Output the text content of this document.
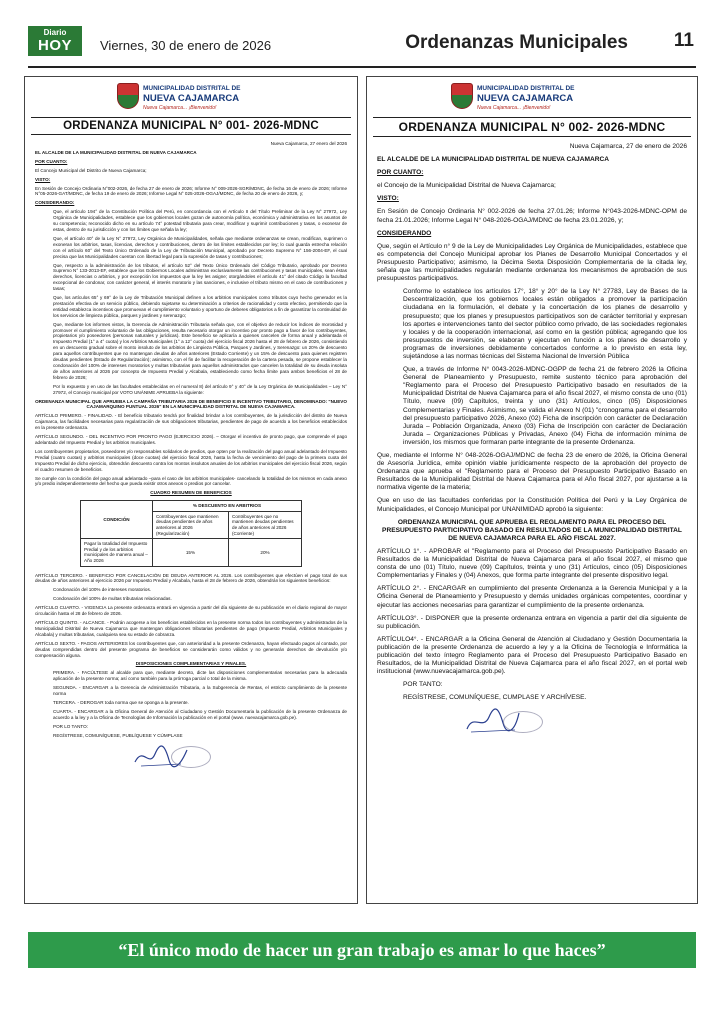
Diario
HOY	Viernes, 30 de enero de 2026	Ordenanzas Municipales 11
MUNICIPALIDAD DISTRITAL DE
NUEVA CAJAMARCA
Nueva Cajamarca... ¡Bienvenido!
ORDENANZA MUNICIPAL N° 001- 2026-MDNC

Nueva Cajamarca, 27 enero del 2026

EL ALCALDE DE LA MUNICIPALIDAD DISTRITAL DE NUEVA CAJAMARCA

POR CUANTO:

El Concejo Municipal del Distrito de Nueva Cajamarca;

VISTO:

En Sesión de Concejo Ordinaria N°002-2026, de fecha 27 de enero de 2026; Informe N° 009-2026-SGR/MDNC, de fecha 16 de enero de 2026; Informe N°05-2026-GAT/MDNC, de fecha 19 de enero de 2026; Informe Legal N° 025-2026-OGAJ/MDNC, de fecha 20 de enero de 2026, y;

CONSIDERANDO:

Que, el artículo 194° de la Constitución Política del Perú, en concordancia con el Artículo II del Título Preliminar de la Ley N° 27972, Ley Orgánica de Municipalidades, establece que los gobiernos locales gozan de autonomía política, económica y administrativa en los asuntos de su competencia; reconocido dicho en su artículo 74° potestad tributaria para crear, modificar y suprimir contribuciones y tasas, o exonerar de estas, dentro de su jurisdicción y con los límites que señala la ley;

Que, el artículo 40° de la Ley N° 27972, Ley Orgánica de Municipalidades, señala que mediante ordenanzas se crean, modifican, suprimen o exoneran los arbitrios, tasas, licencias, derechos y contribuciones, dentro de los límites establecidos por ley; lo cual guarda estrecha relación con el artículo 60° del Texto Único Ordenado de la Ley de Tributación Municipal, aprobado por Decreto Supremo N° 156-2004-EF, el cual precisa que las Municipalidades cuentan con libertad legal para la supresión de tasas y contribuciones;

Que, respecto a la administración de los tributos, el artículo 52° del Texto Único Ordenado del Código Tributario, aprobado por Decreto Supremo N° 133-2013-EF, establece que los Gobiernos Locales administran exclusivamente las contribuciones y tasas municipales, sean éstas derechos, licencias o arbitrios, y por excepción los impuestos que la ley les asigne; otorgándoles el artículo 41° del citado Código la facultad excepcional de condonar, con carácter general, el interés moratorio y las sanciones, e inclusive el tributo mismo en el caso de contribuciones y tasas;

Que, los artículos 65° y 69° de la Ley de Tributación Municipal definen a los arbitrios municipales como tributos cuyo hecho generador es la prestación efectiva de un servicio público, debiendo sujetarse su determinación a criterios de racionalidad y costo efectivo, permitiendo que la entidad establezca incentivos que promuevan el cumplimiento voluntario y oportuno de deberes obligatorios a fin de garantizar la continuidad de los servicios de limpieza pública, parques y jardines y serenazgo;

Que, mediante los informes vistos, la Gerencia de Administración Tributaria señala que, con el objetivo de reducir los índices de morosidad y promover el cumplimiento voluntario de las obligaciones, resulta necesario otorgar un incentivo por pronto pago a favor de los contribuyentes, propietarios y/o poseedores (personas naturales y jurídicas). Este beneficio se aplicaría a quienes cancelen de forma anual y adelantada el Impuesto Predial (1° a 4° cuota) y los Arbitrios Municipales (1° a 12° cuota) del ejercicio fiscal 2026 hasta el 28 de febrero de 2026, consistiendo en un descuento gradual sobre el monto insoluto de los arbitrios de Limpieza Pública, Parques y Jardines, y Serenazgo: un 20% de descuento para aquellos contribuyentes que no mantengan deudas de años anteriores (Estado Corriente) y un 15% de descuento para quienes registren deudas pendientes (Estado de Regularización); asimismo, con el fin de facilitar la recuperación de la cartera pesada, se propone establecer la condonación del 100% de intereses moratorios y multas tributarias para aquellos administrados que cancelen la totalidad de su deuda insoluta de años anteriores al 2026 por concepto de Impuesto Predial y Alcabala, estableciendo como fecha límite para ambos beneficios el 28 de febrero de 2026;

Por lo expuesto y en uso de las facultades establecidas en el numeral 8) del artículo 9° y 40° de la Ley Orgánica de Municipalidades – Ley N° 27972, el Concejo municipal por VOTO UNÁNIME APRUEBA la siguiente:

ORDENANZA MUNICIPAL QUE APRUEBA LA CAMPAÑA TRIBUTARIA 2026 DE BENEFICIO E INCENTIVO TRIBUTARIO, DENOMINADO: "NUEVO CAJAMARQUINO PUNTUAL 2026" EN LA MUNICIPALIDAD DISTRITAL DE NUEVA CAJAMARCA.

ARTÍCULO PRIMERO. - FINALIDAD. - El beneficio tributario tendrá por finalidad brindar a los contribuyentes, de la jurisdicción del distrito de Nueva Cajamarca, las facilidades necesarias para regularización de sus obligaciones tributarias, pendientes de pago de acuerdo a los beneficios establecidos en la presente ordenanza.

ARTÍCULO SEGUNDO. - DEL INCENTIVO POR PRONTO PAGO (EJERCICIO 2026). – Otorgar el incentivo de pronto pago, que comprende el pago adelantado del Impuesto Predial y los arbitrios municipales.

Los contribuyentes propietarios, poseedores y/o responsables solidarios de predios, que opten por la realización del pago anual adelantado del Impuesto Predial (cuatro cuotas) y arbitrios municipales (doce cuotas) del ejercicio fiscal 2026, hasta la fecha de vencimiento del pago de la primera cuota del Impuesto Predial de dicho ejercicio, obtendrán descuento contra los montos insolutos anuales de los arbitrios municipales del ejercicio fiscal 2026, según el cuadro resumen de beneficios.

Se cumple con la condición del pago anual adelantado –para el caso de los arbitrios municipales- cancelando la totalidad de los mismos en cada anexo y/o predio independientemente del hecho que pueda existir otros anexos o predios por cancelar.

CUADRO RESUMEN DE BENEFICIOS

CONDICIÓN	% DESCUENTO EN ARBITRIOS	
	Contribuyentes que mantienen deudas pendientes de años anteriores al 2026 (Regularización)	Contribuyentes que no mantienen deudas pendientes de años anteriores al 2026 (Corriente)
Pagar la totalidad del Impuesto Predial y de los arbitrios municipales de manera anual – Año 2026	15%	20%

ARTÍCULO TERCERO. - BENEFICIO POR CANCELACIÓN DE DEUDA ANTERIOR AL 2026. Los contribuyentes que efectúen el pago total de sus deudas de años anteriores al ejercicio 2026 por Impuesto Predial y Alcabala, hasta el 28 de febrero de 2026, obtendrán los siguientes beneficios:

Condonación del 100% de intereses moratorios.

Condonación del 100% de multas tributarias relacionadas.

ARTÍCULO CUARTO. - VIGENCIA La presente ordenanza entrará en vigencia a partir del día siguiente de su publicación en el diario regional de mayor circulación hasta el 28 de febrero de 2026.

ARTÍCULO QUINTO. - ALCANCE. - Podrán acogerse a los beneficios establecidos en la presente norma todos los contribuyentes y administrados de la Municipalidad Distrital de Nueva Cajamarca que mantengan obligaciones tributarias pendientes de pago (Impuesto Predial, Arbitrios Municipales y Alcabala) y multas tributarias, cualquiera sea su estado de cobranza.

ARTÍCULO SEXTO. - PAGOS ANTERIORES los contribuyentes que, con anterioridad a la presente Ordenanza, hayan efectuado pagos al contado, por deudas comprendidas dentro del presente programa de beneficios se considerarán como válidos y no generarán derechos de devolución y/o compensación alguna.

DISPOSICIONES COMPLEMENTARIAS Y FINALES.

PRIMERA. - FACÚLTESE al alcalde para que, mediante decreto, dicte las disposiciones complementarias necesarias para la adecuada aplicación de la presente norma; así como también para la prórroga parcial o total de la misma.

SEGUNDA. - ENCARGAR a la Gerencia de Administración Tributaria, a la Subgerencia de Rentas, el estricto cumplimiento de la presente norma

TERCERA. - DEROGAR toda norma que se oponga a la presente.

CUARTA. - ENCARGAR a la Oficina General de Atención al Ciudadano y Gestión Documentaria la publicación de la presente Ordenanza de acuerdo a la ley y a la Oficina de Tecnologías de Información la publicación en el portal (www. nuevacajamarca.gob.pe).

POR LO TANTO:

REGÍSTRESE, COMUNÍQUESE, PUBLÍQUESE Y CÚMPLASE

MUNICIPALIDAD DISTRITAL DE
NUEVA CAJAMARCA
Nueva Cajamarca... ¡Bienvenido!
ORDENANZA MUNICIPAL N° 002- 2026-MDNC

Nueva Cajamarca, 27 de enero de 2026

EL ALCALDE DE LA MUNICIPALIDAD DISTRITAL DE NUEVA CAJAMARCA

POR CUANTO:

el Concejo de la Municipalidad Distrital de Nueva Cajamarca;

VISTO:

En Sesión de Concejo Ordinaria N° 002-2026 de fecha 27.01.26; Informe N°043-2026-MDNC-OPM de fecha 21.01.2026; Informe Legal N° 048-2026-OGAJ/MDNC de fecha 23.01.2026, y;

CONSIDERANDO

Que, según el Artículo n° 9 de la Ley de Municipalidades Ley Orgánica de Municipalidades, establece que es competencia del Concejo Municipal aprobar los Planes de Desarrollo Municipal Concertados y el Presupuesto Participativo; asimismo, la Décima Sexta Disposición Complementaria de la citada ley, señala que las municipalidades regularán mediante ordenanza los mecanismos de aprobación de sus presupuestos participativos.

Conforme lo establece los artículos 17°, 18° y 20° de la Ley N° 27783, Ley de Bases de la Descentralización, que los gobiernos locales están obligados a promover la participación ciudadana en la formulación, el debate y la concertación de los planes de desarrollo y presupuesto; que los planes y presupuestos participativos son de carácter territorial y expresan los aportes e intervenciones tanto del sector público como privado, de las sociedades regionales y locales y de la cooperación internacional, así como en la gestión pública; agregando que los presupuestos de inversión, se elaboran y ejecutan en función a los planes de desarrollo y programas de inversiones debidamente concertados conforme a lo previsto en esta ley, sujetándose a las normas técnicas del Sistema Nacional de Inversión Pública

Que, a través de Informe N° 0043-2026-MDNC-OGPP de fecha 21 de febrero 2026 la Oficina General de Planeamiento y Presupuesto, remite sustento técnico para aprobación del "Reglamento para el Proceso del Presupuesto Participativo basado en resultados de la Municipalidad Distrital de Nueva Cajamarca para el año fiscal 2027, el mismo consta de uno (01) Título, nueve (09) Capítulos, treinta y uno (31) Artículos, cinco (05) Disposiciones Complementarias y Finales. Asimismo, se valida el Anexo N (01) "cronograma para el desarrollo del presupuesto participativo 2026, Anexo (02) Ficha de inscripción con carácter de Declaración Jurada – Población Organizada, Anexo (03) Ficha de Inscripción con carácter de Declaración Jurada – Organizaciones Públicas y Privadas, Anexo (04) Ficha de información mínima de inversión, los mismos que formaran parte integrante de la presente Ordenanza.

Que, mediante el Informe N° 048-2026-OGAJ/MDNC de fecha 23 de enero de 2026, la Oficina General de Asesoría Jurídica, emite opinión viable jurídicamente respecto de la aprobación del proyecto de Ordenanza que aprueba el "Reglamento para el Proceso del Presupuesto Participativo Basado en Resultados de la Municipalidad Distrital de Nueva Cajamarca para el Año fiscal 2027, por ajustarse a la normativa vigente de la materia;

Que en uso de las facultades conferidas por la Constitución Política del Perú y la Ley Orgánica de Municipalidades, el Concejo Municipal por UNANIMIDAD aprobó la siguiente:

ORDENANZA MUNICIPAL QUE APRUEBA EL REGLAMENTO PARA EL PROCESO DEL PRESUPUESTO PARTICIPATIVO BASADO EN RESULTADOS DE LA MUNICIPALIDAD DISTRITAL DE NUEVA CAJAMARCA PARA EL AÑO FISCAL 2027.

ARTÍCULO 1°. - APROBAR el "Reglamento para el Proceso del Presupuesto Participativo Basado en Resultados de la Municipalidad Distrital de Nueva Cajamarca para el año fiscal 2027, el mismo que consta de uno (01) Título, nueve (09) Capítulos, treinta y uno (31) Artículos, cinco (05) Disposiciones Complementarias y Finales y (04) Anexos, que forma parte integrante del presente dispositivo legal.

ARTÍCULO 2°. - ENCARGAR en cumplimiento del presente Ordenanza a la Gerencia Municipal y a la Oficina General de Planeamiento y Presupuesto y demás unidades orgánicas competentes, coordinar y ejecutar las acciones necesarias para garantizar el cumplimiento de la presente ordenanza.

ARTÍCULO3°. - DISPONER que la presente ordenanza entrara en vigencia a partir del día siguiente de su publicación.

ARTÍCULO4°. - ENCARGAR a la Oficina General de Atención al Ciudadano y Gestión Documentaria la publicación de la presente Ordenanza de acuerdo a ley y a la Oficina de Tecnología e Informática la publicación del texto íntegro Reglamento para el Proceso del Presupuesto Participativo Basado en Resultados, de la Municipalidad Distrital de Nueva Cajamarca para el año fiscal 2027, en el portal web institucional (www.nuevacajamarca.gob.pe).

POR TANTO:

REGÍSTRESE, COMUNÍQUESE, CUMPLASE Y ARCHÍVESE.

“El único modo de hacer un gran trabajo es amar lo que haces”
